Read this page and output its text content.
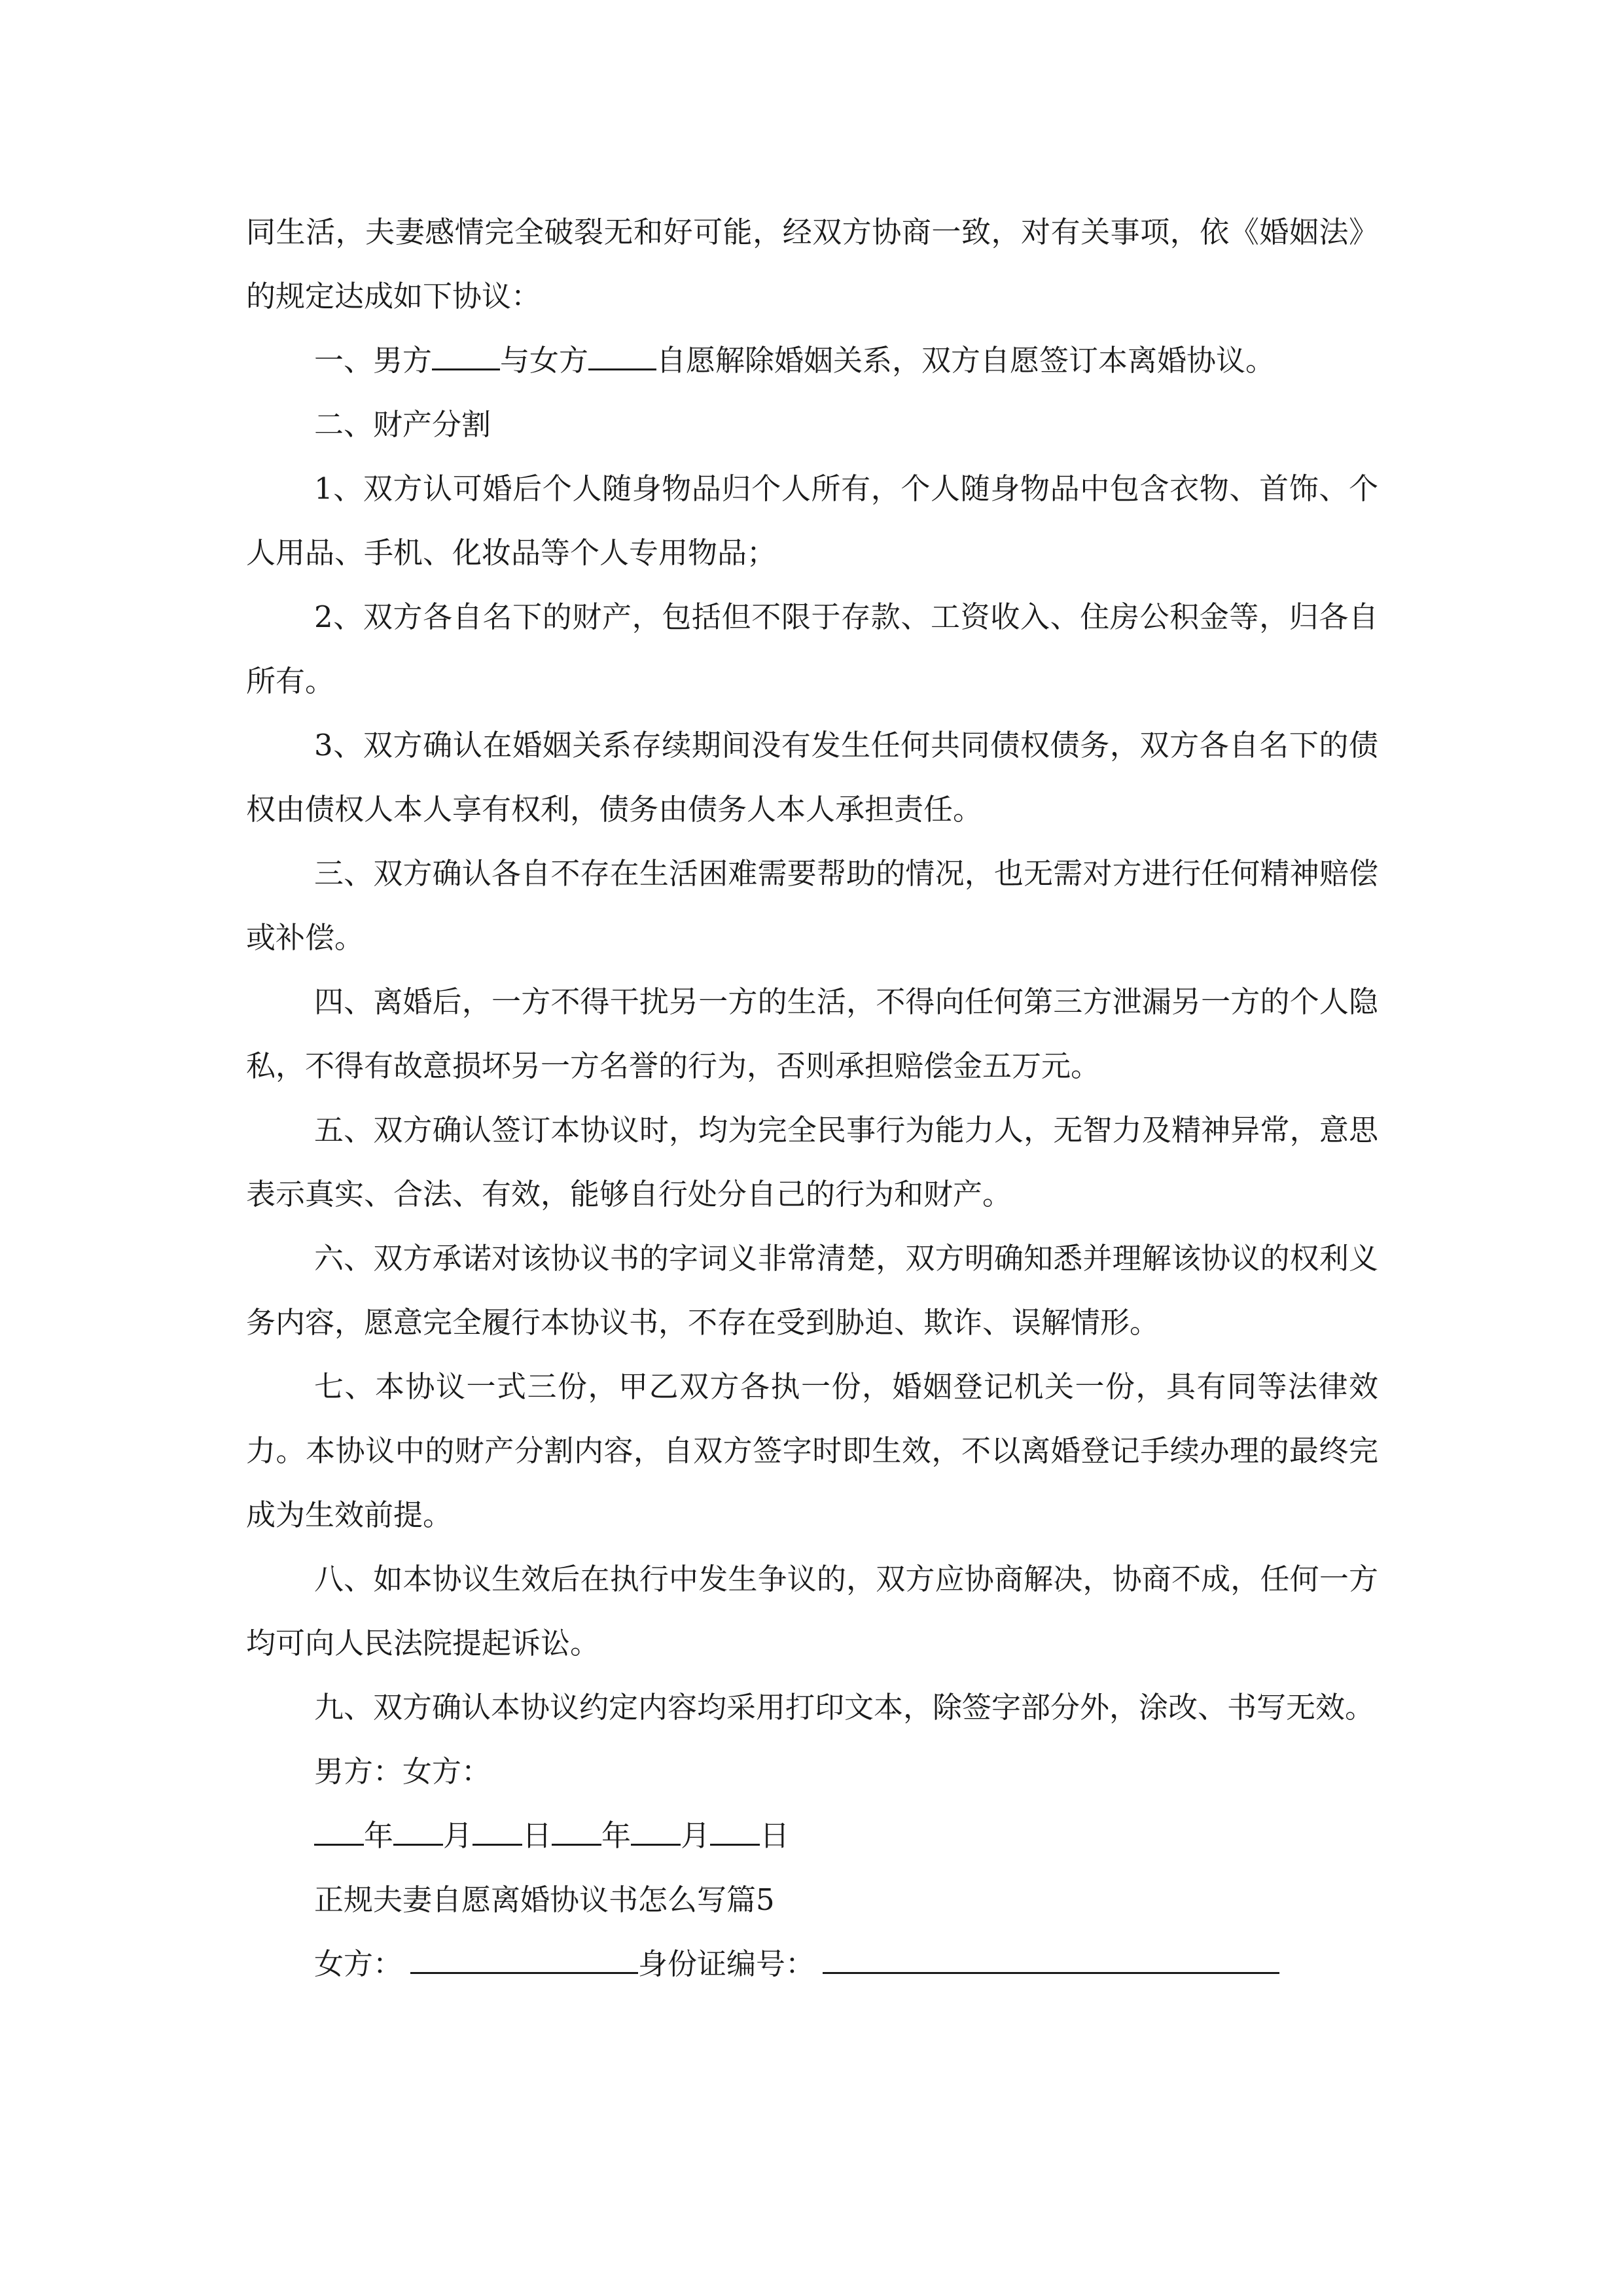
同生活，夫妻感情完全破裂无和好可能，经双方协商一致，对有关事项，依《婚姻法》的规定达成如下协议：

一、男方 与女方 自愿解除婚姻关系，双方自愿签订本离婚协议。

二、财产分割

1、双方认可婚后个人随身物品归个人所有，个人随身物品中包含衣物、首饰、个人用品、手机、化妆品等个人专用物品；

2、双方各自名下的财产，包括但不限于存款、工资收入、住房公积金等，归各自所有。

3、双方确认在婚姻关系存续期间没有发生任何共同债权债务，双方各自名下的债权由债权人本人享有权利，债务由债务人本人承担责任。

三、双方确认各自不存在生活困难需要帮助的情况，也无需对方进行任何精神赔偿或补偿。

四、离婚后，一方不得干扰另一方的生活，不得向任何第三方泄漏另一方的个人隐私，不得有故意损坏另一方名誉的行为，否则承担赔偿金五万元。

五、双方确认签订本协议时，均为完全民事行为能力人，无智力及精神异常，意思表示真实、合法、有效，能够自行处分自己的行为和财产。

六、双方承诺对该协议书的字词义非常清楚，双方明确知悉并理解该协议的权利义务内容，愿意完全履行本协议书，不存在受到胁迫、欺诈、误解情形。

七、本协议一式三份，甲乙双方各执一份，婚姻登记机关一份，具有同等法律效力。本协议中的财产分割内容，自双方签字时即生效，不以离婚登记手续办理的最终完成为生效前提。

八、如本协议生效后在执行中发生争议的，双方应协商解决，协商不成，任何一方均可向人民法院提起诉讼。

九、双方确认本协议约定内容均采用打印文本，除签字部分外，涂改、书写无效。

男方：女方：

年 月 日 年 月 日

正规夫妻自愿离婚协议书怎么写篇5

女方：	身份证编号：
